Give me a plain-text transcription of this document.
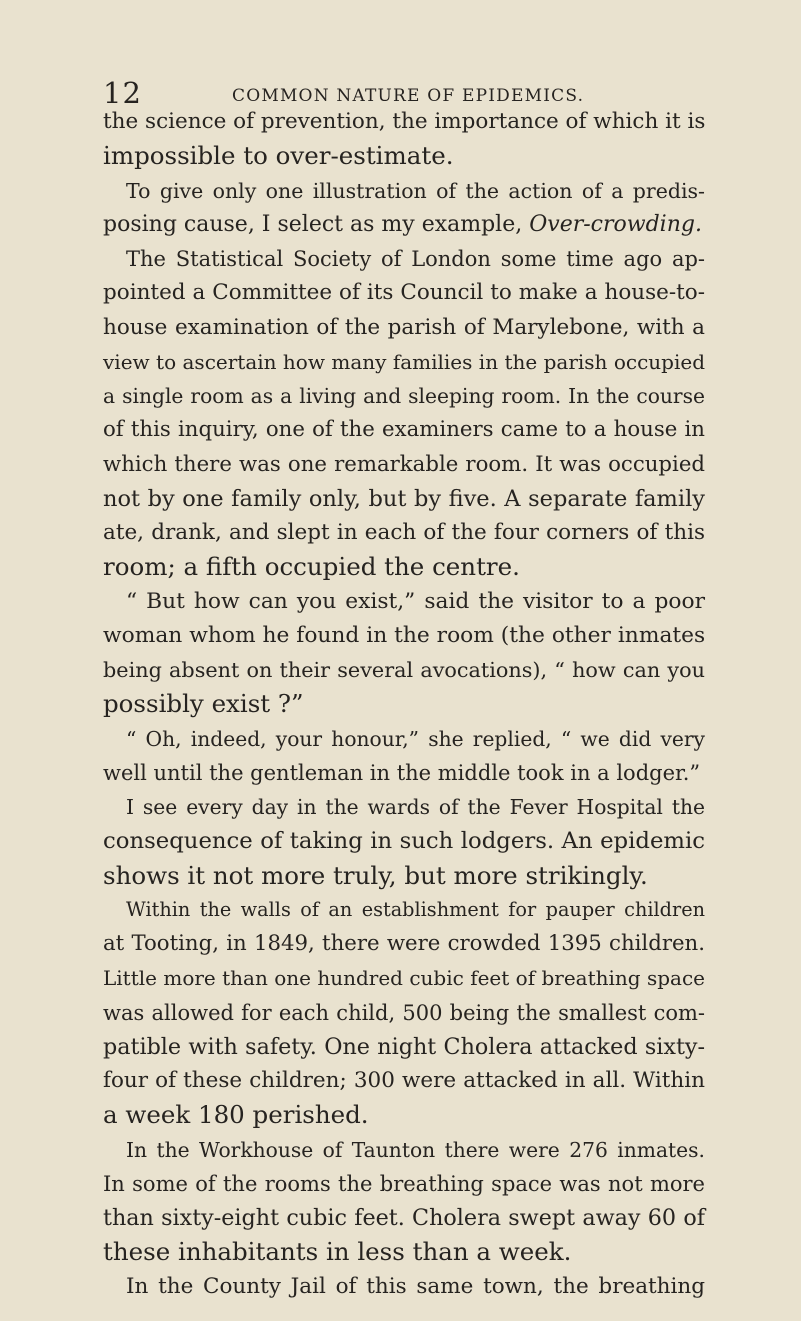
12	COMMON NATURE OF EPIDEMICS.
the science of prevention, the importance of which it is
impossible to over-estimate.
To give only one illustration of the action of a predis-
posing cause, I select as my example, Over-crowding.
The Statistical Society of London some time ago ap-
pointed a Committee of its Council to make a house-to-
house examination of the parish of Marylebone, with a
view to ascertain how many families in the parish occupied
a single room as a living and sleeping room. In the course
of this inquiry, one of the examiners came to a house in
which there was one remarkable room. It was occupied
not by one family only, but by five. A separate family
ate, drank, and slept in each of the four corners of this
room; a fifth occupied the centre.
“ But how can you exist,” said the visitor to a poor
woman whom he found in the room (the other inmates
being absent on their several avocations), “ how can you
possibly exist ?”
“ Oh, indeed, your honour,” she replied, “ we did very
well until the gentleman in the middle took in a lodger.”
I see every day in the wards of the Fever Hospital the
consequence of taking in such lodgers. An epidemic
shows it not more truly, but more strikingly.
Within the walls of an establishment for pauper children
at Tooting, in 1849, there were crowded 1395 children.
Little more than one hundred cubic feet of breathing space
was allowed for each child, 500 being the smallest com-
patible with safety. One night Cholera attacked sixty-
four of these children; 300 were attacked in all. Within
a week 180 perished.
In the Workhouse of Taunton there were 276 inmates.
In some of the rooms the breathing space was not more
than sixty-eight cubic feet. Cholera swept away 60 of
these inhabitants in less than a week.
In the County Jail of this same town, the breathing
